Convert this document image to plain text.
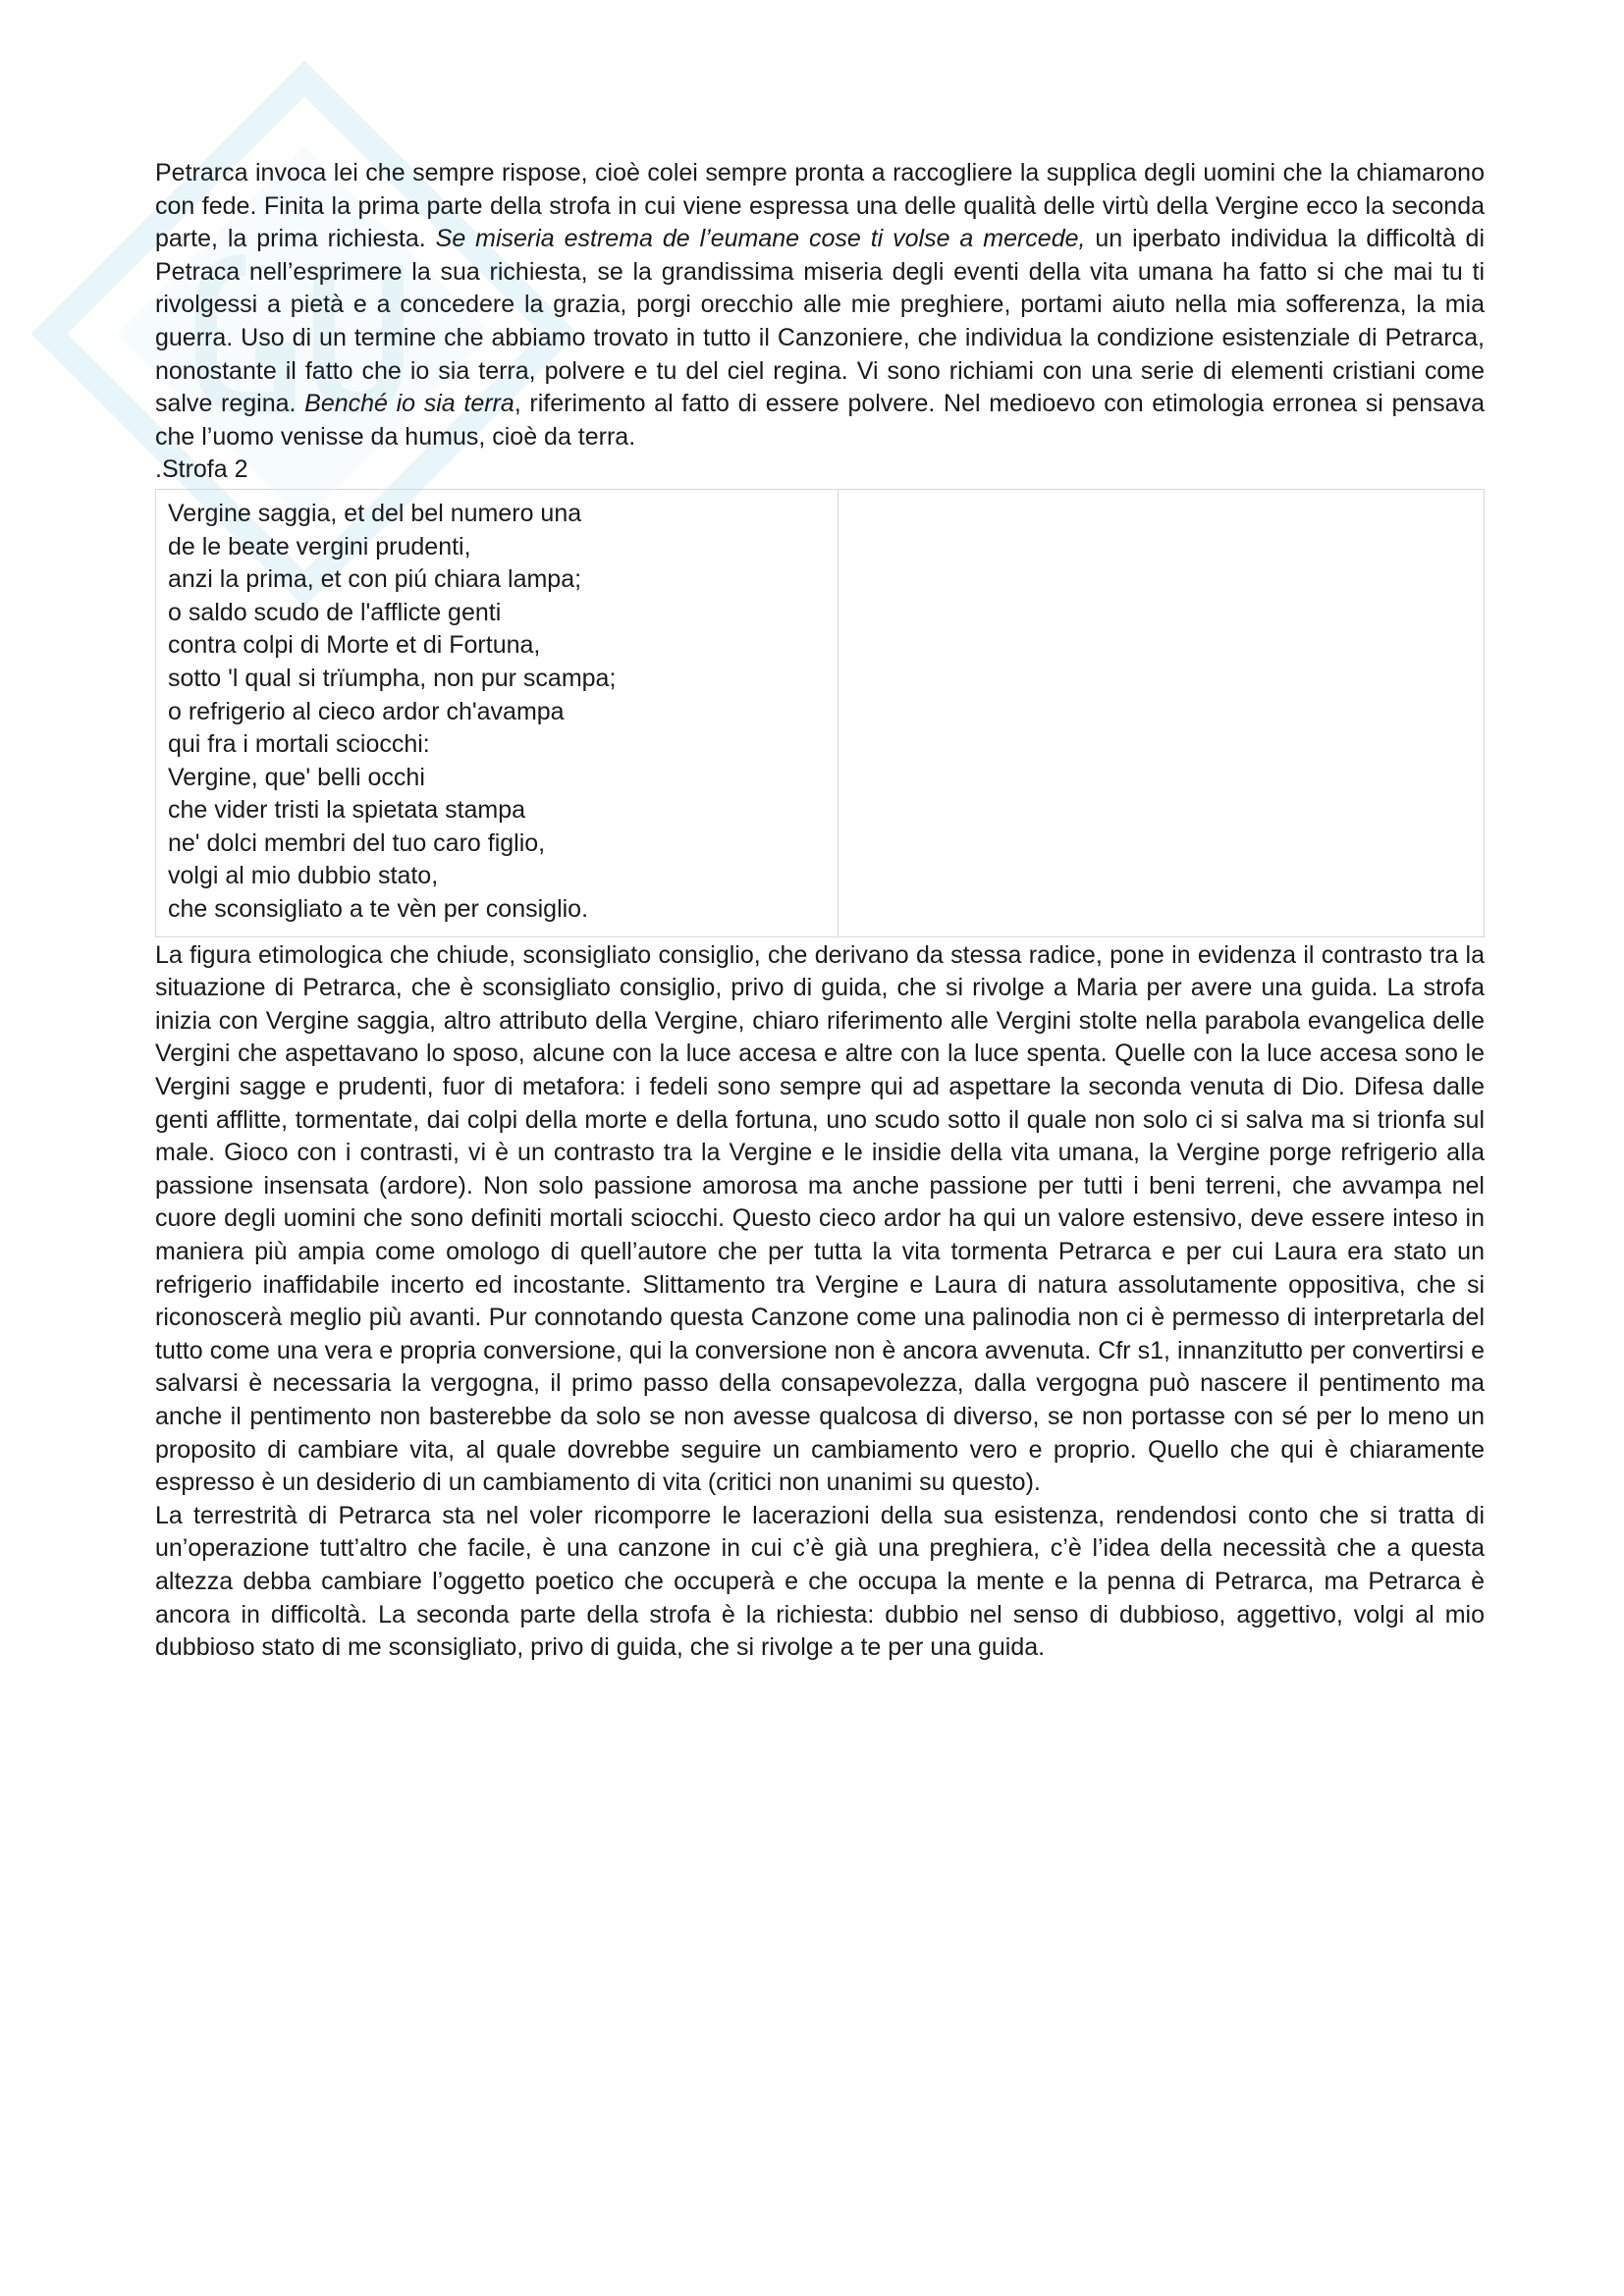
Petrarca invoca lei che sempre rispose, cioè colei sempre pronta a raccogliere la supplica degli uomini che la chiamarono con fede. Finita la prima parte della strofa in cui viene espressa una delle qualità delle virtù della Vergine ecco la seconda parte, la prima richiesta. Se miseria estrema de l’eumane cose ti volse a mercede, un iperbato individua la difficoltà di Petraca nell’esprimere la sua richiesta, se la grandissima miseria degli eventi della vita umana ha fatto si che mai tu ti rivolgessi a pietà e a concedere la grazia, porgi orecchio alle mie preghiere, portami aiuto nella mia sofferenza, la mia guerra. Uso di un termine che abbiamo trovato in tutto il Canzoniere, che individua la condizione esistenziale di Petrarca, nonostante il fatto che io sia terra, polvere e tu del ciel regina. Vi sono richiami con una serie di elementi cristiani come salve regina. Benché io sia terra, riferimento al fatto di essere polvere. Nel medioevo con etimologia erronea si pensava che l’uomo venisse da humus, cioè da terra.

.Strofa 2

Vergine saggia, et del bel numero una
de le beate vergini prudenti,
anzi la prima, et con piú chiara lampa;
o saldo scudo de l'afflicte genti
contra colpi di Morte et di Fortuna,
sotto 'l qual si trïumpha, non pur scampa;
o refrigerio al cieco ardor ch'avampa
qui fra i mortali sciocchi:
Vergine, que' belli occhi
che vider tristi la spietata stampa
ne' dolci membri del tuo caro figlio,
volgi al mio dubbio stato,
che sconsigliato a te vèn per consiglio.

La figura etimologica che chiude, sconsigliato consiglio, che derivano da stessa radice, pone in evidenza il contrasto tra la situazione di Petrarca, che è sconsigliato consiglio, privo di guida, che si rivolge a Maria per avere una guida. La strofa inizia con Vergine saggia, altro attributo della Vergine, chiaro riferimento alle Vergini stolte nella parabola evangelica delle Vergini che aspettavano lo sposo, alcune con la luce accesa e altre con la luce spenta. Quelle con la luce accesa sono le Vergini sagge e prudenti, fuor di metafora: i fedeli sono sempre qui ad aspettare la seconda venuta di Dio. Difesa dalle genti afflitte, tormentate, dai colpi della morte e della fortuna, uno scudo sotto il quale non solo ci si salva ma si trionfa sul male. Gioco con i contrasti, vi è un contrasto tra la Vergine e le insidie della vita umana, la Vergine porge refrigerio alla passione insensata (ardore). Non solo passione amorosa ma anche passione per tutti i beni terreni, che avvampa nel cuore degli uomini che sono definiti mortali sciocchi. Questo cieco ardor ha qui un valore estensivo, deve essere inteso in maniera più ampia come omologo di quell’autore che per tutta la vita tormenta Petrarca e per cui Laura era stato un refrigerio inaffidabile incerto ed incostante. Slittamento tra Vergine e Laura di natura assolutamente oppositiva, che si riconoscerà meglio più avanti. Pur connotando questa Canzone come una palinodia non ci è permesso di interpretarla del tutto come una vera e propria conversione, qui la conversione non è ancora avvenuta. Cfr s1, innanzitutto per convertirsi e salvarsi è necessaria la vergogna, il primo passo della consapevolezza, dalla vergogna può nascere il pentimento ma anche il pentimento non basterebbe da solo se non avesse qualcosa di diverso, se non portasse con sé per lo meno un proposito di cambiare vita, al quale dovrebbe seguire un cambiamento vero e proprio. Quello che qui è chiaramente espresso è un desiderio di un cambiamento di vita (critici non unanimi su questo).

La terrestrità di Petrarca sta nel voler ricomporre le lacerazioni della sua esistenza, rendendosi conto che si tratta di un’operazione tutt’altro che facile, è una canzone in cui c’è già una preghiera, c’è l’idea della necessità che a questa altezza debba cambiare l’oggetto poetico che occuperà e che occupa la mente e la penna di Petrarca, ma Petrarca è ancora in difficoltà. La seconda parte della strofa è la richiesta: dubbio nel senso di dubbioso, aggettivo, volgi al mio dubbioso stato di me sconsigliato, privo di guida, che si rivolge a te per una guida.
